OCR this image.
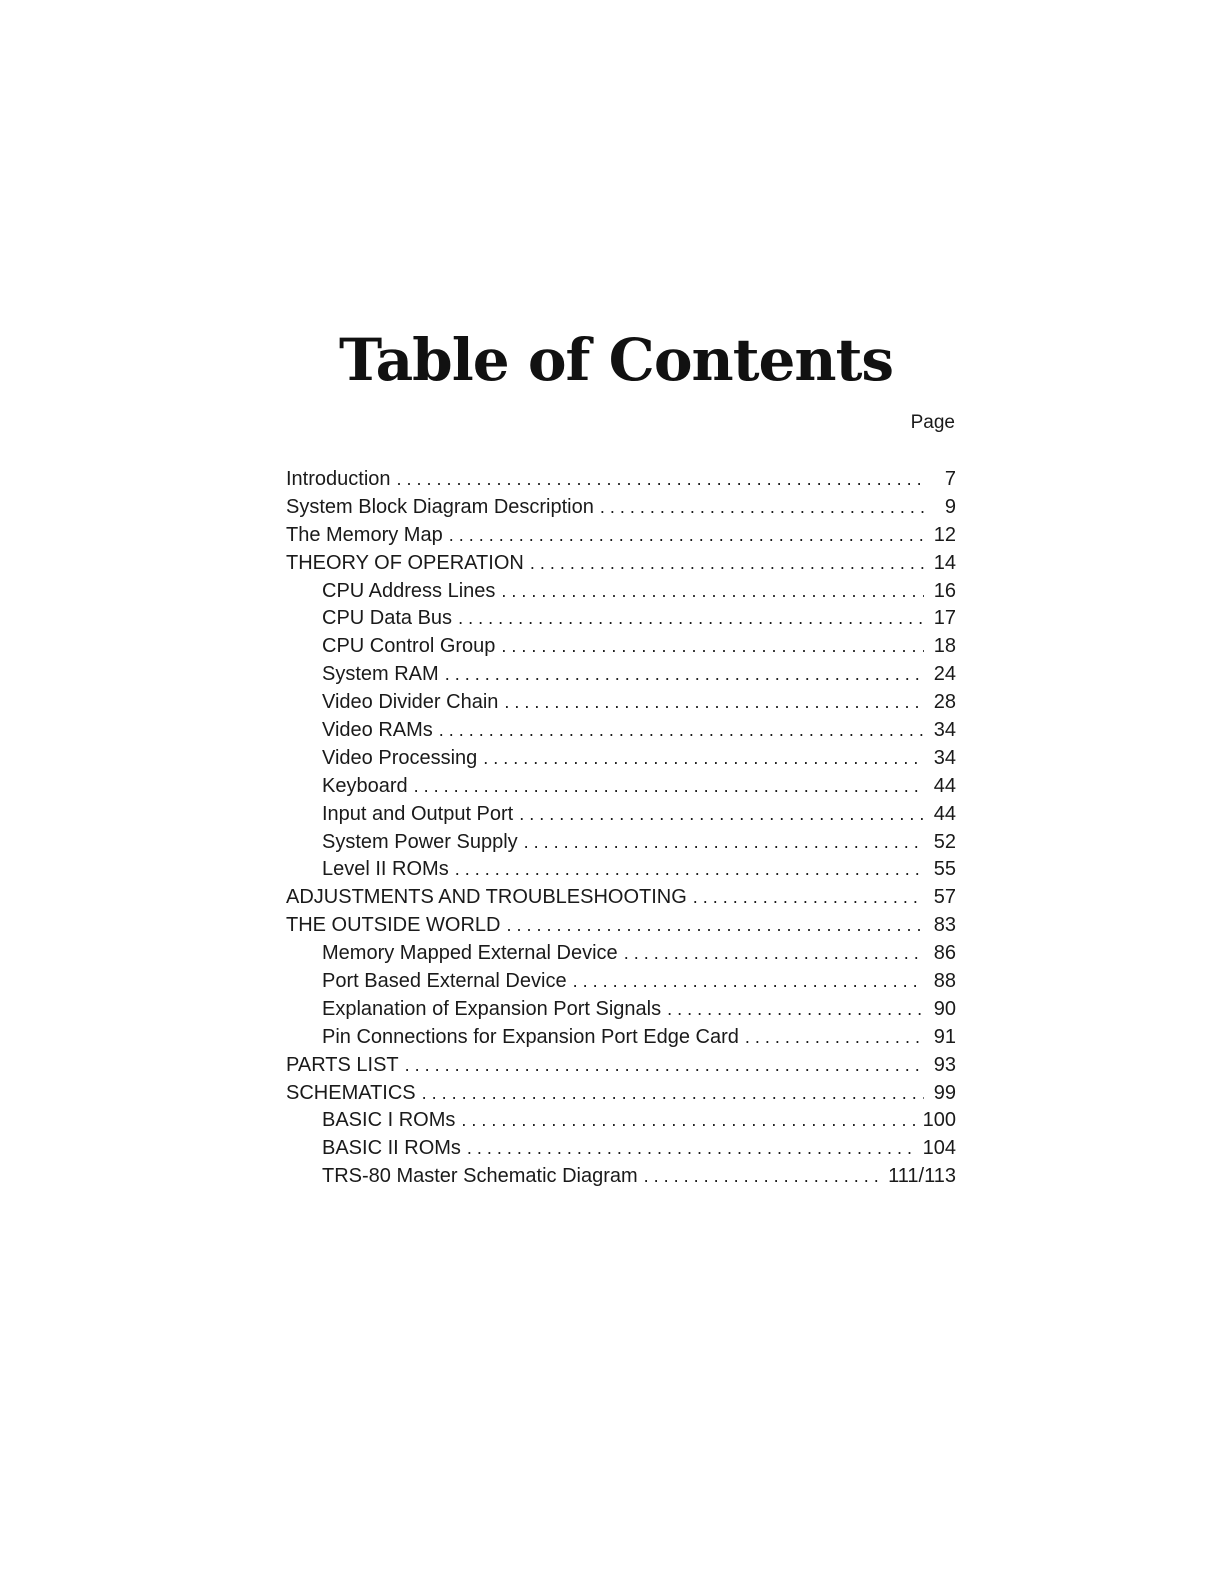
Table of Contents
Page
Introduction . . .	7
System Block Diagram Description . . .	9
The Memory Map . . .	12
THEORY OF OPERATION . . .	14
CPU Address Lines . . .	16
CPU Data Bus . . .	17
CPU Control Group . . .	18
System RAM . . .	24
Video Divider Chain . . .	28
Video RAMs . . .	34
Video Processing . . .	34
Keyboard . . .	44
Input and Output Port . . .	44
System Power Supply . . .	52
Level II ROMs . . .	55
ADJUSTMENTS AND TROUBLESHOOTING . . .	57
THE OUTSIDE WORLD . . .	83
Memory Mapped External Device . . .	86
Port Based External Device . . .	88
Explanation of Expansion Port Signals . . .	90
Pin Connections for Expansion Port Edge Card . . .	91
PARTS LIST . . .	93
SCHEMATICS . . .	99
BASIC I ROMs . . .	100
BASIC II ROMs . . .	104
TRS-80 Master Schematic Diagram . . .	111/113
